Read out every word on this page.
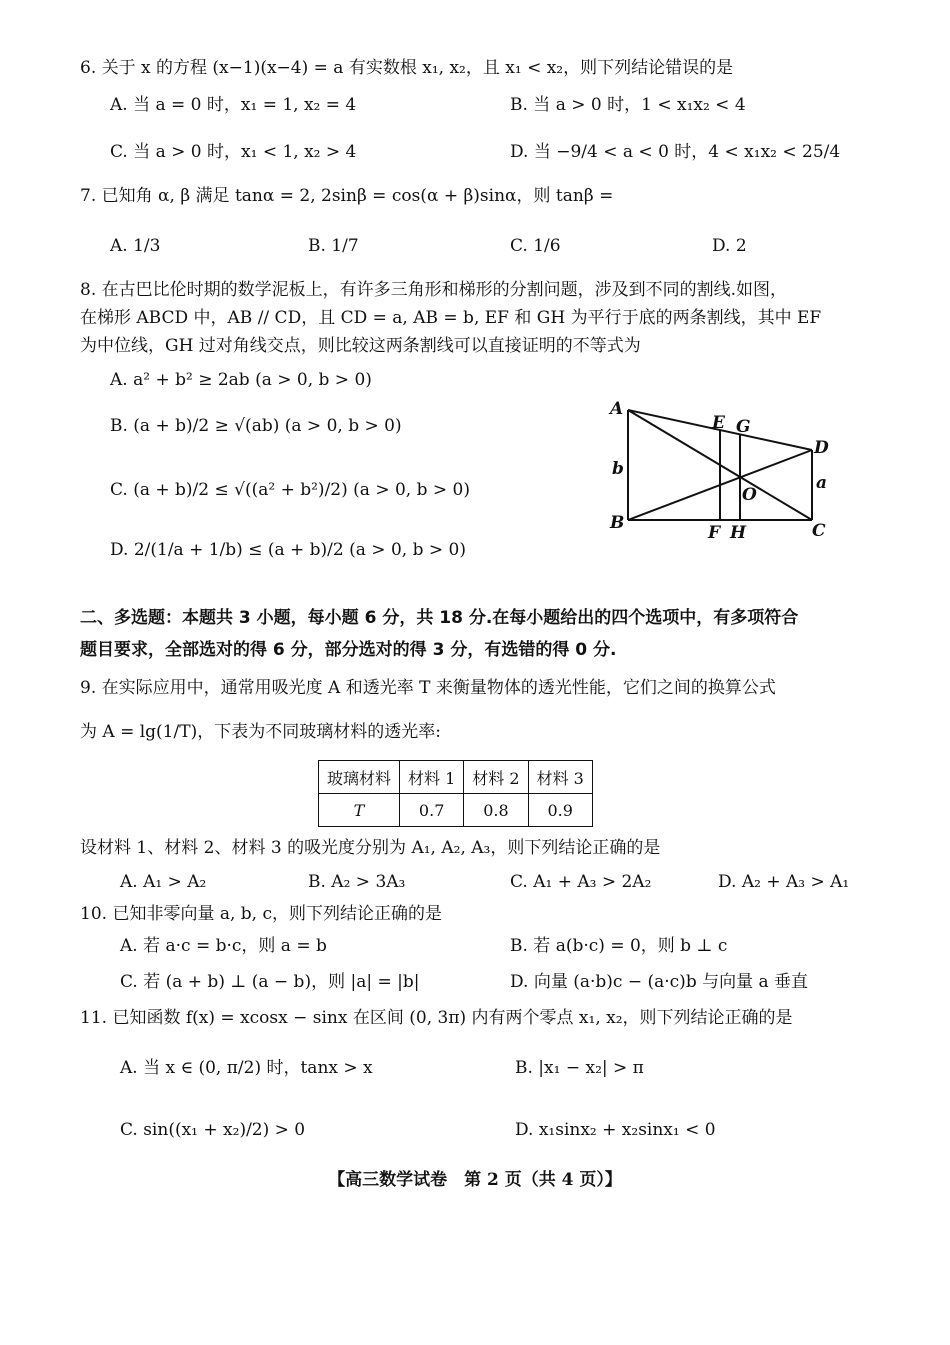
6. 关于 x 的方程 (x−1)(x−4) = a 有实数根 x₁, x₂，且 x₁ < x₂，则下列结论错误的是
A. 当 a = 0 时，x₁ = 1, x₂ = 4	B. 当 a > 0 时，1 < x₁x₂ < 4
C. 当 a > 0 时，x₁ < 1, x₂ > 4	D. 当 −9/4 < a < 0 时，4 < x₁x₂ < 25/4
7. 已知角 α, β 满足 tanα = 2, 2sinβ = cos(α + β)sinα，则 tanβ =
A. 1/3	B. 1/7	C. 1/6	D. 2
8. 在古巴比伦时期的数学泥板上，有许多三角形和梯形的分割问题，涉及到不同的割线.如图，
在梯形 ABCD 中，AB // CD，且 CD = a, AB = b, EF 和 GH 为平行于底的两条割线，其中 EF
为中位线，GH 过对角线交点，则比较这两条割线可以直接证明的不等式为
A. a² + b² ≥ 2ab (a > 0, b > 0)
B. (a + b)/2 ≥ √(ab) (a > 0, b > 0)
C. (a + b)/2 ≤ √((a² + b²)/2) (a > 0, b > 0)
D. 2/(1/a + 1/b) ≤ (a + b)/2 (a > 0, b > 0)
A
B	C
D
E G
F H
O
b
a
二、多选题：本题共 3 小题，每小题 6 分，共 18 分.在每小题给出的四个选项中，有多项符合
题目要求，全部选对的得 6 分，部分选对的得 3 分，有选错的得 0 分.
9. 在实际应用中，通常用吸光度 A 和透光率 T 来衡量物体的透光性能，它们之间的换算公式
为 A = lg(1/T)，下表为不同玻璃材料的透光率:
玻璃材料	材料 1	材料 2	材料 3
T	0.7	0.8	0.9
设材料 1、材料 2、材料 3 的吸光度分别为 A₁, A₂, A₃，则下列结论正确的是
A. A₁ > A₂	B. A₂ > 3A₃	C. A₁ + A₃ > 2A₂	D. A₂ + A₃ > A₁
10. 已知非零向量 a, b, c，则下列结论正确的是
A. 若 a·c = b·c，则 a = b	B. 若 a(b·c) = 0，则 b ⊥ c
C. 若 (a + b) ⊥ (a − b)，则 |a| = |b|	D. 向量 (a·b)c − (a·c)b 与向量 a 垂直
11. 已知函数 f(x) = xcosx − sinx 在区间 (0, 3π) 内有两个零点 x₁, x₂，则下列结论正确的是
A. 当 x ∈ (0, π/2) 时，tanx > x	B. |x₁ − x₂| > π
C. sin((x₁ + x₂)/2) > 0	D. x₁sinx₂ + x₂sinx₁ < 0
【高三数学试卷　第 2 页（共 4 页）】
